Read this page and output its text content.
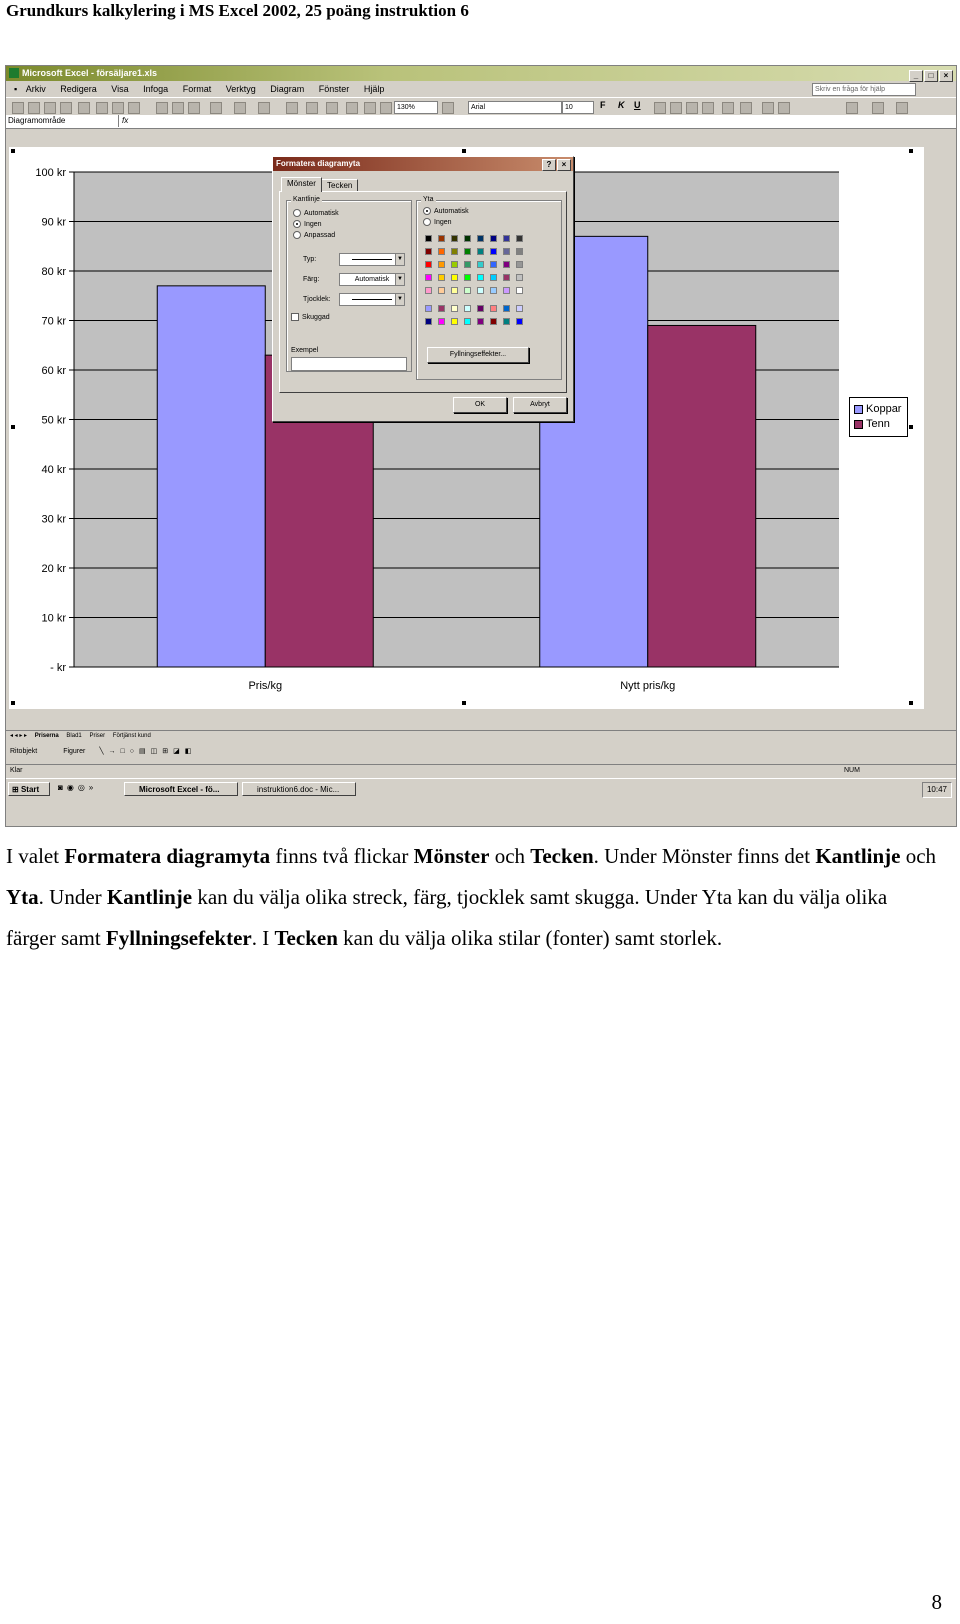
Grundkurs kalkylering i MS Excel 2002, 25 poäng instruktion 6
Microsoft Excel - försäljare1.xls	_ □ ×
▪ Arkiv Redigera Visa Infoga Format Verktyg Diagram Fönster Hjälp	Skriv en fråga för hjälp
130%	Arial	10	F K U
Diagramområde	fx
- kr
10 kr
20 kr
30 kr
40 kr
50 kr
60 kr
70 kr
80 kr
90 kr
100 kr
Pris/kg	Nytt pris/kg
Koppar
Tenn
Formatera diagramyta	? ×
Mönster	Tecken
Kantlinje
Automatisk
Ingen
Anpassad
Typ:	▼
Färg:	Automatisk	▼
Tjocklek:	▼
Skuggad
Exempel
Yta
Automatisk
Ingen
Fyllningseffekter...
OK	Avbryt
◂ ◂ ▸ ▸ Priserna Blad1 Priser Förtjänst kund
Ritobjekt	Figurer ╲→□○▤◫⊞◪◧
Klar	NUM
⊞ Start	◙◉◎»	Microsoft Excel - fö...	instruktion6.doc - Mic...	10:47
I valet Formatera diagramyta finns två flickar Mönster och Tecken. Under Mönster finns det Kantlinje och Yta. Under Kantlinje kan du välja olika streck, färg, tjocklek samt skugga. Under Yta kan du välja olika färger samt Fyllningsefekter. I Tecken kan du välja olika stilar (fonter) samt storlek.
8
